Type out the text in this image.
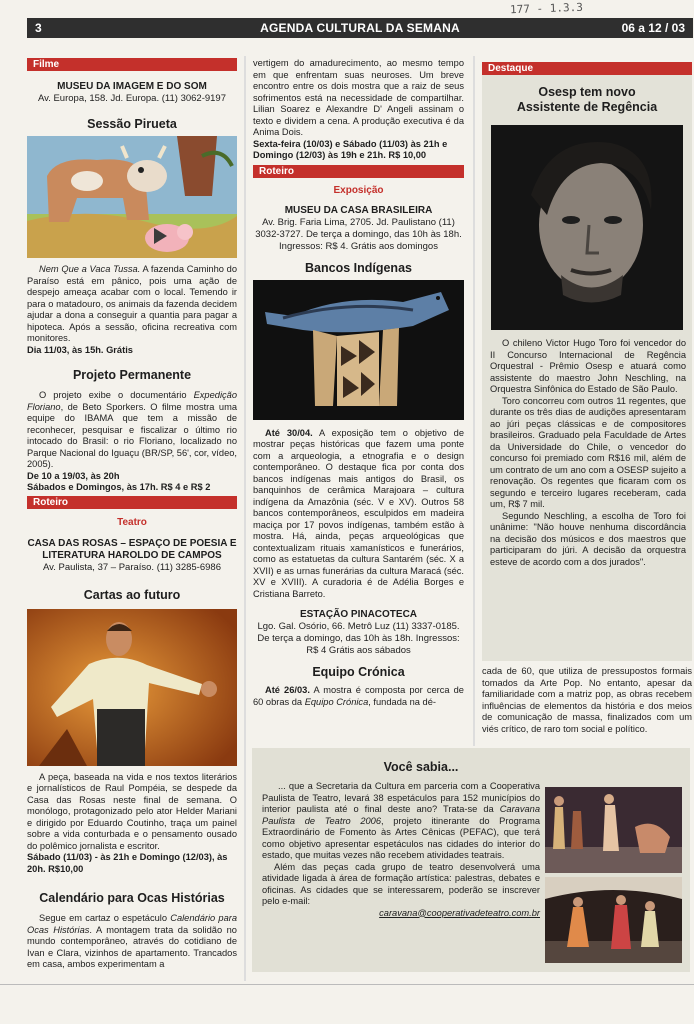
177 - 1.3.3
3	AGENDA CULTURAL DA SEMANA	06 a 12 / 03
Filme
MUSEU DA IMAGEM E DO SOM
Av. Europa, 158. Jd. Europa. (11) 3062-9197
Sessão Pirueta
Nem Que a Vaca Tussa. A fazenda Caminho do Paraíso está em pânico, pois uma ação de despejo ameaça acabar com o local. Temendo ir para o matadouro, os animais da fazenda decidem ajudar a dona a conseguir a quantia para pagar a hipoteca. Após a sessão, oficina recreativa com monitores.
Dia 11/03, às 15h. Grátis
Projeto Permanente
O projeto exibe o documentário Expedição Floriano, de Beto Sporkers. O filme mostra uma equipe do IBAMA que tem a missão de reconhecer, pesquisar e fiscalizar o último rio intocado do Brasil: o rio Floriano, localizado no Parque Nacional do Iguaçu (BR/SP, 56', cor, vídeo, 2005).
De 10 a 19/03, às 20h
Sábados e Domingos, às 17h. R$ 4 e R$ 2
Roteiro
Teatro
CASA DAS ROSAS – ESPAÇO DE POESIA E LITERATURA HAROLDO DE CAMPOS
Av. Paulista, 37 – Paraíso. (11) 3285-6986
Cartas ao futuro
A peça, baseada na vida e nos textos literários e jornalísticos de Raul Pompéia, se despede da Casa das Rosas neste final de semana. O monólogo, protagonizado pelo ator Helder Mariani e dirigido por Eduardo Coutinho, traça um painel sobre a vida conturbada e o pensamento ousado do polêmico jornalista e escritor.
Sábado (11/03) - às 21h e Domingo (12/03), às 20h. R$10,00
Calendário para Ocas Histórias
Segue em cartaz o espetáculo Calendário para Ocas Histórias. A montagem trata da solidão no mundo contemporâneo, através do cotidiano de Ivan e Clara, vizinhos de apartamento. Trancados em casa, ambos experimentam a
vertigem do amadurecimento, ao mesmo tempo em que enfrentam suas neuroses. Um breve encontro entre os dois mostra que a raiz de seus sofrimentos está na necessidade de compartilhar. Lilian Soarez e Alexandre D' Angeli assinam o texto e dividem a cena. A produção executiva é da Anima Dois.
Sexta-feira (10/03) e Sábado (11/03) às 21h e Domingo (12/03) às 19h e 21h. R$ 10,00
Roteiro
Exposição
MUSEU DA CASA BRASILEIRA
Av. Brig. Faria Lima, 2705. Jd. Paulistano (11) 3032-3727. De terça a domingo, das 10h às 18h. Ingressos: R$ 4. Grátis aos domingos
Bancos Indígenas
Até 30/04. A exposição tem o objetivo de mostrar peças históricas que fazem uma ponte com a arqueologia, a etnografia e o design contemporâneo. O destaque fica por conta dos bancos indígenas mais antigos do Brasil, os banquinhos de cerâmica Marajoara – cultura indígena da Amazônia (séc. V e XV). Outros 58 bancos contemporâneos, esculpidos em madeira maciça por 17 povos indígenas, também estão à mostra. Há, ainda, peças arqueológicas que contextualizam rituais xamanísticos e funerários, como as estatuetas da cultura Santarém (séc. X a XVII) e as urnas funerárias da cultura Maracá (séc. XV e XVIII). A curadoria é de Adélia Borges e Cristiana Barreto.
ESTAÇÃO PINACOTECA
Lgo. Gal. Osório, 66. Metrô Luz (11) 3337-0185. De terça a domingo, das 10h às 18h. Ingressos: R$ 4 Grátis aos sábados
Equipo Crónica
Até 26/03. A mostra é composta por cerca de 60 obras da Equipo Crónica, fundada na dé-
Destaque
Osesp tem novo Assistente de Regência
O chileno Victor Hugo Toro foi vencedor do II Concurso Internacional de Regência Orquestral - Prêmio Osesp e atuará como assistente do maestro John Neschling, na Orquestra Sinfônica do Estado de São Paulo.
Toro concorreu com outros 11 regentes, que durante os três dias de audições apresentaram ao júri peças clássicas e de compositores brasileiros. Graduado pela Faculdade de Artes da Universidade do Chile, o vencedor do concurso foi premiado com R$16 mil, além de um contrato de um ano com a OSESP sujeito a renovação. Os regentes que ficaram com os segundo e terceiro lugares receberam, cada um, R$ 7 mil.
Segundo Neschling, a escolha de Toro foi unânime: "Não houve nenhuma discordância na decisão dos músicos e dos maestros que participaram do júri. A decisão da orquestra esteve de acordo com a dos jurados".
cada de 60, que utiliza de pressupostos formais tomados da Arte Pop. No entanto, apesar da familiaridade com a matriz pop, as obras recebem influências de elementos da história e dos meios de comunicação de massa, finalizados com um viés crítico, de raro tom social e político.
Você sabia...
... que a Secretaria da Cultura em parceria com a Cooperativa Paulista de Teatro, levará 38 espetáculos para 152 municípios do interior paulista até o final deste ano? Trata-se da Caravana Paulista de Teatro 2006, projeto itinerante do Programa Extraordinário de Fomento às Artes Cênicas (PEFAC), que terá como objetivo apresentar espetáculos nas cidades do interior do estado, que muitas vezes não recebem atividades teatrais.
Além das peças cada grupo de teatro desenvolverá uma atividade ligada à área de formação artística: palestras, debates e oficinas. As cidades que se interessarem, poderão se inscrever pelo e-mail:
caravana@cooperativadeteatro.com.br
